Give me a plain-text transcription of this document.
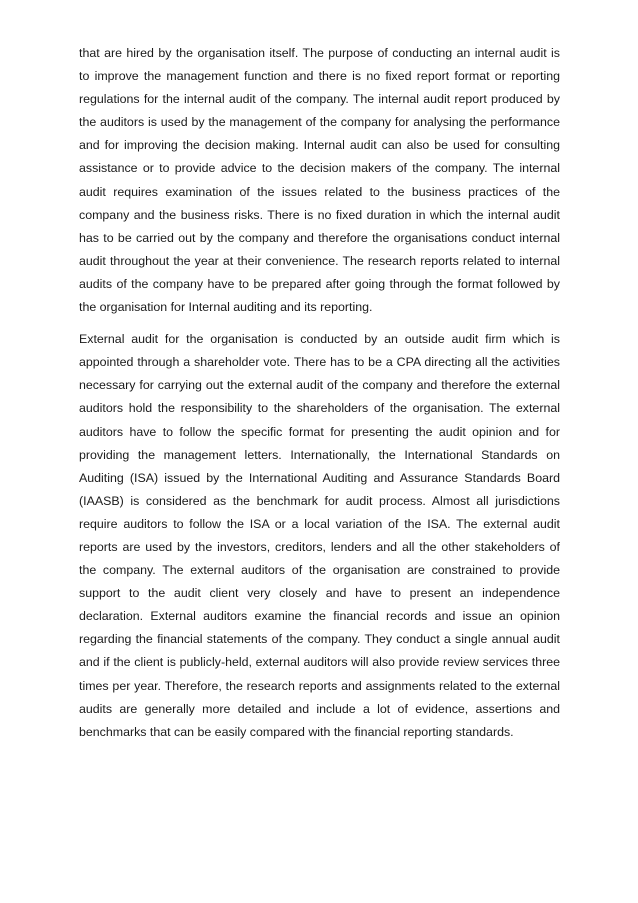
that are hired by the organisation itself. The purpose of conducting an internal audit is to improve the management function and there is no fixed report format or reporting regulations for the internal audit of the company. The internal audit report produced by the auditors is used by the management of the company for analysing the performance and for improving the decision making. Internal audit can also be used for consulting assistance or to provide advice to the decision makers of the company. The internal audit requires examination of the issues related to the business practices of the company and the business risks. There is no fixed duration in which the internal audit has to be carried out by the company and therefore the organisations conduct internal audit throughout the year at their convenience. The research reports related to internal audits of the company have to be prepared after going through the format followed by the organisation for Internal auditing and its reporting.

External audit for the organisation is conducted by an outside audit firm which is appointed through a shareholder vote. There has to be a CPA directing all the activities necessary for carrying out the external audit of the company and therefore the external auditors hold the responsibility to the shareholders of the organisation. The external auditors have to follow the specific format for presenting the audit opinion and for providing the management letters. Internationally, the International Standards on Auditing (ISA) issued by the International Auditing and Assurance Standards Board (IAASB) is considered as the benchmark for audit process. Almost all jurisdictions require auditors to follow the ISA or a local variation of the ISA. The external audit reports are used by the investors, creditors, lenders and all the other stakeholders of the company. The external auditors of the organisation are constrained to provide support to the audit client very closely and have to present an independence declaration. External auditors examine the financial records and issue an opinion regarding the financial statements of the company. They conduct a single annual audit and if the client is publicly-held, external auditors will also provide review services three times per year. Therefore, the research reports and assignments related to the external audits are generally more detailed and include a lot of evidence, assertions and benchmarks that can be easily compared with the financial reporting standards.
